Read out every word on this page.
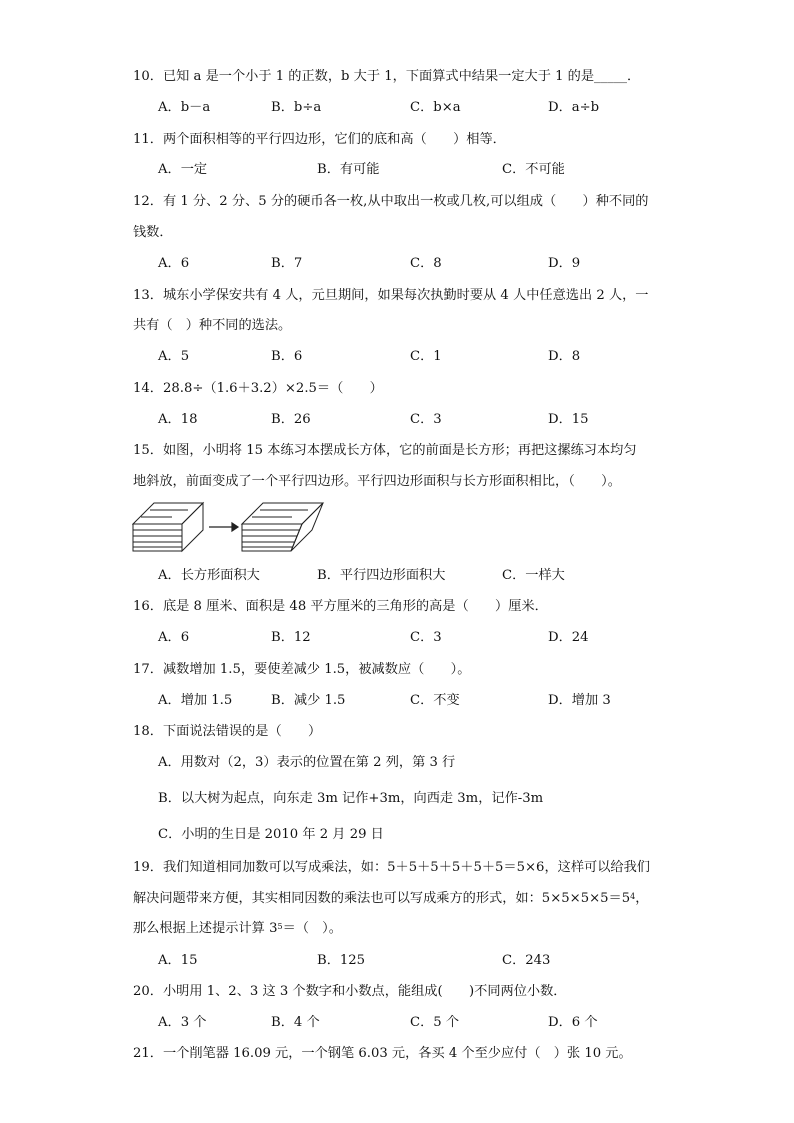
10．已知 a 是一个小于 1 的正数，b 大于 1，下面算式中结果一定大于 1 的是_____．
A．b－a	B．b÷a	C．b×a	D．a÷b
11．两个面积相等的平行四边形，它们的底和高（　　）相等．
A．一定	B．有可能	C．不可能
12．有 1 分、2 分、5 分的硬币各一枚,从中取出一枚或几枚,可以组成（　　）种不同的
钱数．
A．6	B．7	C．8	D．9
13．城东小学保安共有 4 人，元旦期间，如果每次执勤时要从 4 人中任意选出 2 人，一
共有（　）种不同的选法。
A．5	B．6	C．1	D．8
14．28.8÷（1.6＋3.2）×2.5＝（　　）
A．18	B．26	C．3	D．15
15．如图，小明将 15 本练习本摆成长方体，它的前面是长方形；再把这摞练习本均匀
地斜放，前面变成了一个平行四边形。平行四边形面积与长方形面积相比，（　　）。
A．长方形面积大	B．平行四边形面积大	C．一样大
16．底是 8 厘米、面积是 48 平方厘米的三角形的高是（　　）厘米．
A．6	B．12	C．3	D．24
17．减数增加 1.5，要使差减少 1.5，被减数应（　　）。
A．增加 1.5	B．减少 1.5	C．不变	D．增加 3
18．下面说法错误的是（　　）
A．用数对（2，3）表示的位置在第 2 列，第 3 行
B．以大树为起点，向东走 3m 记作+3m，向西走 3m，记作-3m
C．小明的生日是 2010 年 2 月 29 日
19．我们知道相同加数可以写成乘法，如：5＋5＋5＋5＋5＋5＝5×6，这样可以给我们
解决问题带来方便，其实相同因数的乘法也可以写成乘方的形式，如：$5\times 5\times 5\times 5=5^4$，
那么根据上述提示计算 $3^5=$（　）。
A．15	B．125	C．243
20．小明用 1、2、3 这 3 个数字和小数点，能组成(　　)不同两位小数．
A．3 个	B．4 个	C．5 个	D．6 个
21．一个削笔器 16.09 元，一个钢笔 6.03 元，各买 4 个至少应付（　）张 10 元。
